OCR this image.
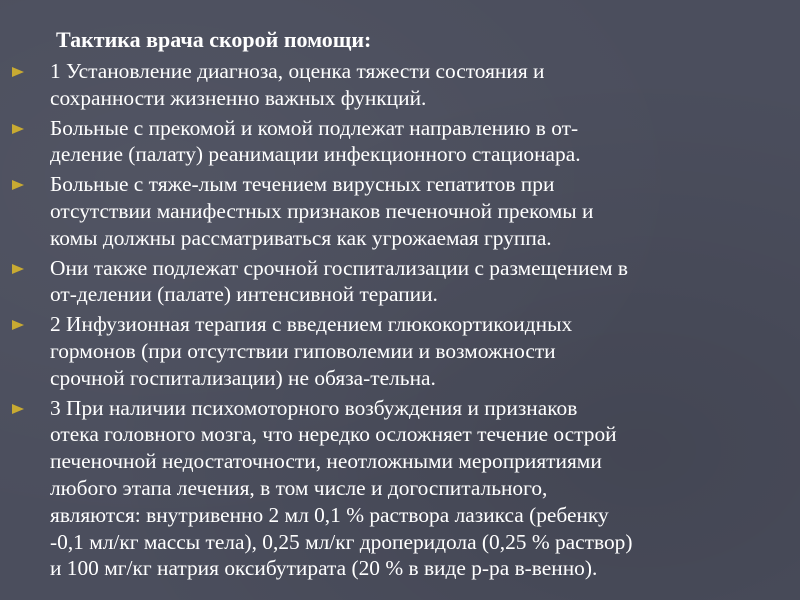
Тактика врача скорой помощи:
1 Установление диагноза, оценка тяжести состояния и
сохранности жизненно важных функций.
Больные с прекомой и комой подлежат направлению в от-
деление (палату) реанимации инфекционного стационара.
Больные с тяже-лым течением вирусных гепатитов при
отсутствии манифестных признаков печеночной прекомы и
комы должны рассматриваться как угрожаемая группа.
Они также подлежат срочной госпитализации с размещением в
от-делении (палате) интенсивной терапии.
2 Инфузионная терапия с введением глюкокортикоидных
гормонов (при отсутствии гиповолемии и возможности
срочной госпитализации) не обяза-тельна.
3 При наличии психомоторного возбуждения и признаков
отека головного мозга, что нередко осложняет течение острой
печеночной недостаточности, неотложными мероприятиями
любого этапа лечения, в том числе и догоспитального,
являются: внутривенно 2 мл 0,1 % раствора лазикса (ребенку
-0,1 мл/кг массы тела), 0,25 мл/кг дроперидола (0,25 % раствор)
и 100 мг/кг натрия оксибутирата (20 % в виде р-ра в-венно).
